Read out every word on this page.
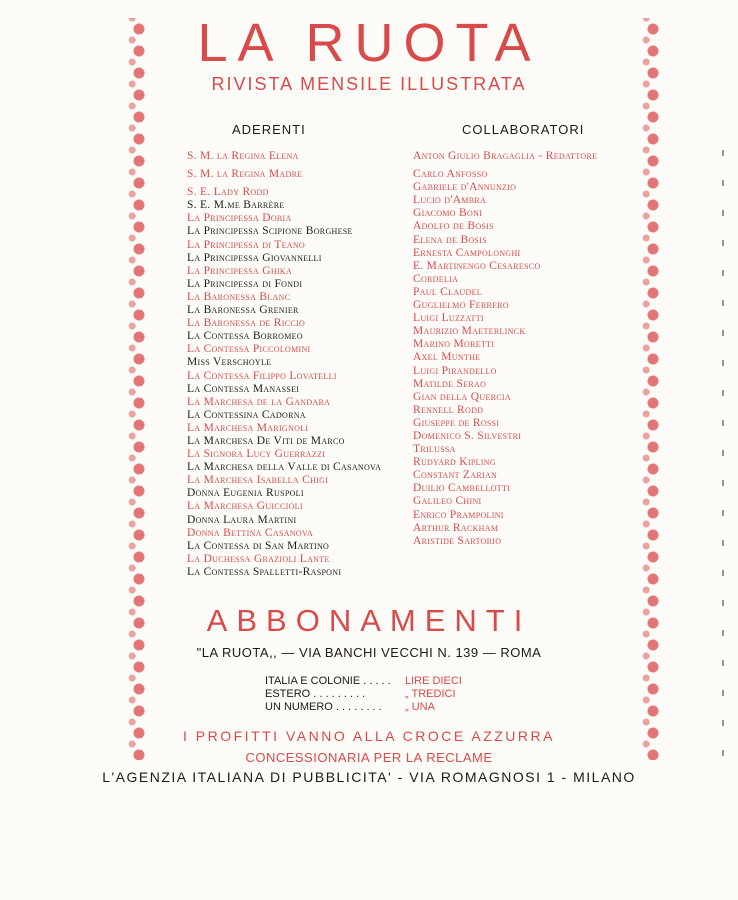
LA RUOTA
RIVISTA MENSILE ILLUSTRATA
ADERENTI	COLLABORATORI
S. M. la Regina Elena
S. M. la Regina Madre
S. E. Lady Rodd
S. E. M.me Barrère
La Principessa Doria
La Principessa Scipione Borghese
La Principessa di Teano
La Principessa Giovannelli
La Principessa Ghika
La Principessa di Fondi
La Baronessa Blanc
La Baronessa Grenier
La Baronessa de Riccio
La Contessa Borromeo
La Contessa Piccolomini
Miss Verschoyle
La Contessa Filippo Lovatelli
La Contessa Manassei
La Marchesa de la Gandara
La Contessina Cadorna
La Marchesa Marignoli
La Marchesa De Viti de Marco
La Signora Lucy Guerrazzi
La Marchesa della Valle di Casanova
La Marchesa Isabella Chigi
Donna Eugenia Ruspoli
La Marchesa Guiccioli
Donna Laura Martini
Donna Bettina Casanova
La Contessa di San Martino
La Duchessa Grazioli Lante
La Contessa Spalletti-Rasponi
Anton Giulio Bragaglia - Redattore
Carlo Anfosso
Gabriele d'Annunzio
Lucio d'Ambra
Giacomo Boni
Adolfo de Bosis
Elena de Bosis
Ernesta Campolonghi
E. Martinengo Cesaresco
Cordelia
Paul Claudel
Guglielmo Ferrero
Luigi Luzzatti
Maurizio Maeterlinck
Marino Moretti
Axel Munthe
Luigi Pirandello
Matilde Serao
Gian della Quercia
Rennell Rodd
Giuseppe de Rossi
Domenico S. Silvestri
Trilussa
Rudyard Kipling
Constant Zarian
Duilio Cambellotti
Galileo Chini
Enrico Prampolini
Arthur Rackham
Aristide Sartorio
ABBONAMENTI
"LA RUOTA,, — VIA BANCHI VECCHI N. 139 — ROMA
ITALIA E COLONIE . . . . .	LIRE DIECI
ESTERO . . . . . . . . .	„ TREDICI
UN NUMERO . . . . . . . .	„ UNA
I PROFITTI VANNO ALLA CROCE AZZURRA
CONCESSIONARIA PER LA RECLAME
L'AGENZIA ITALIANA DI PUBBLICITA' - VIA ROMAGNOSI 1 - MILANO
